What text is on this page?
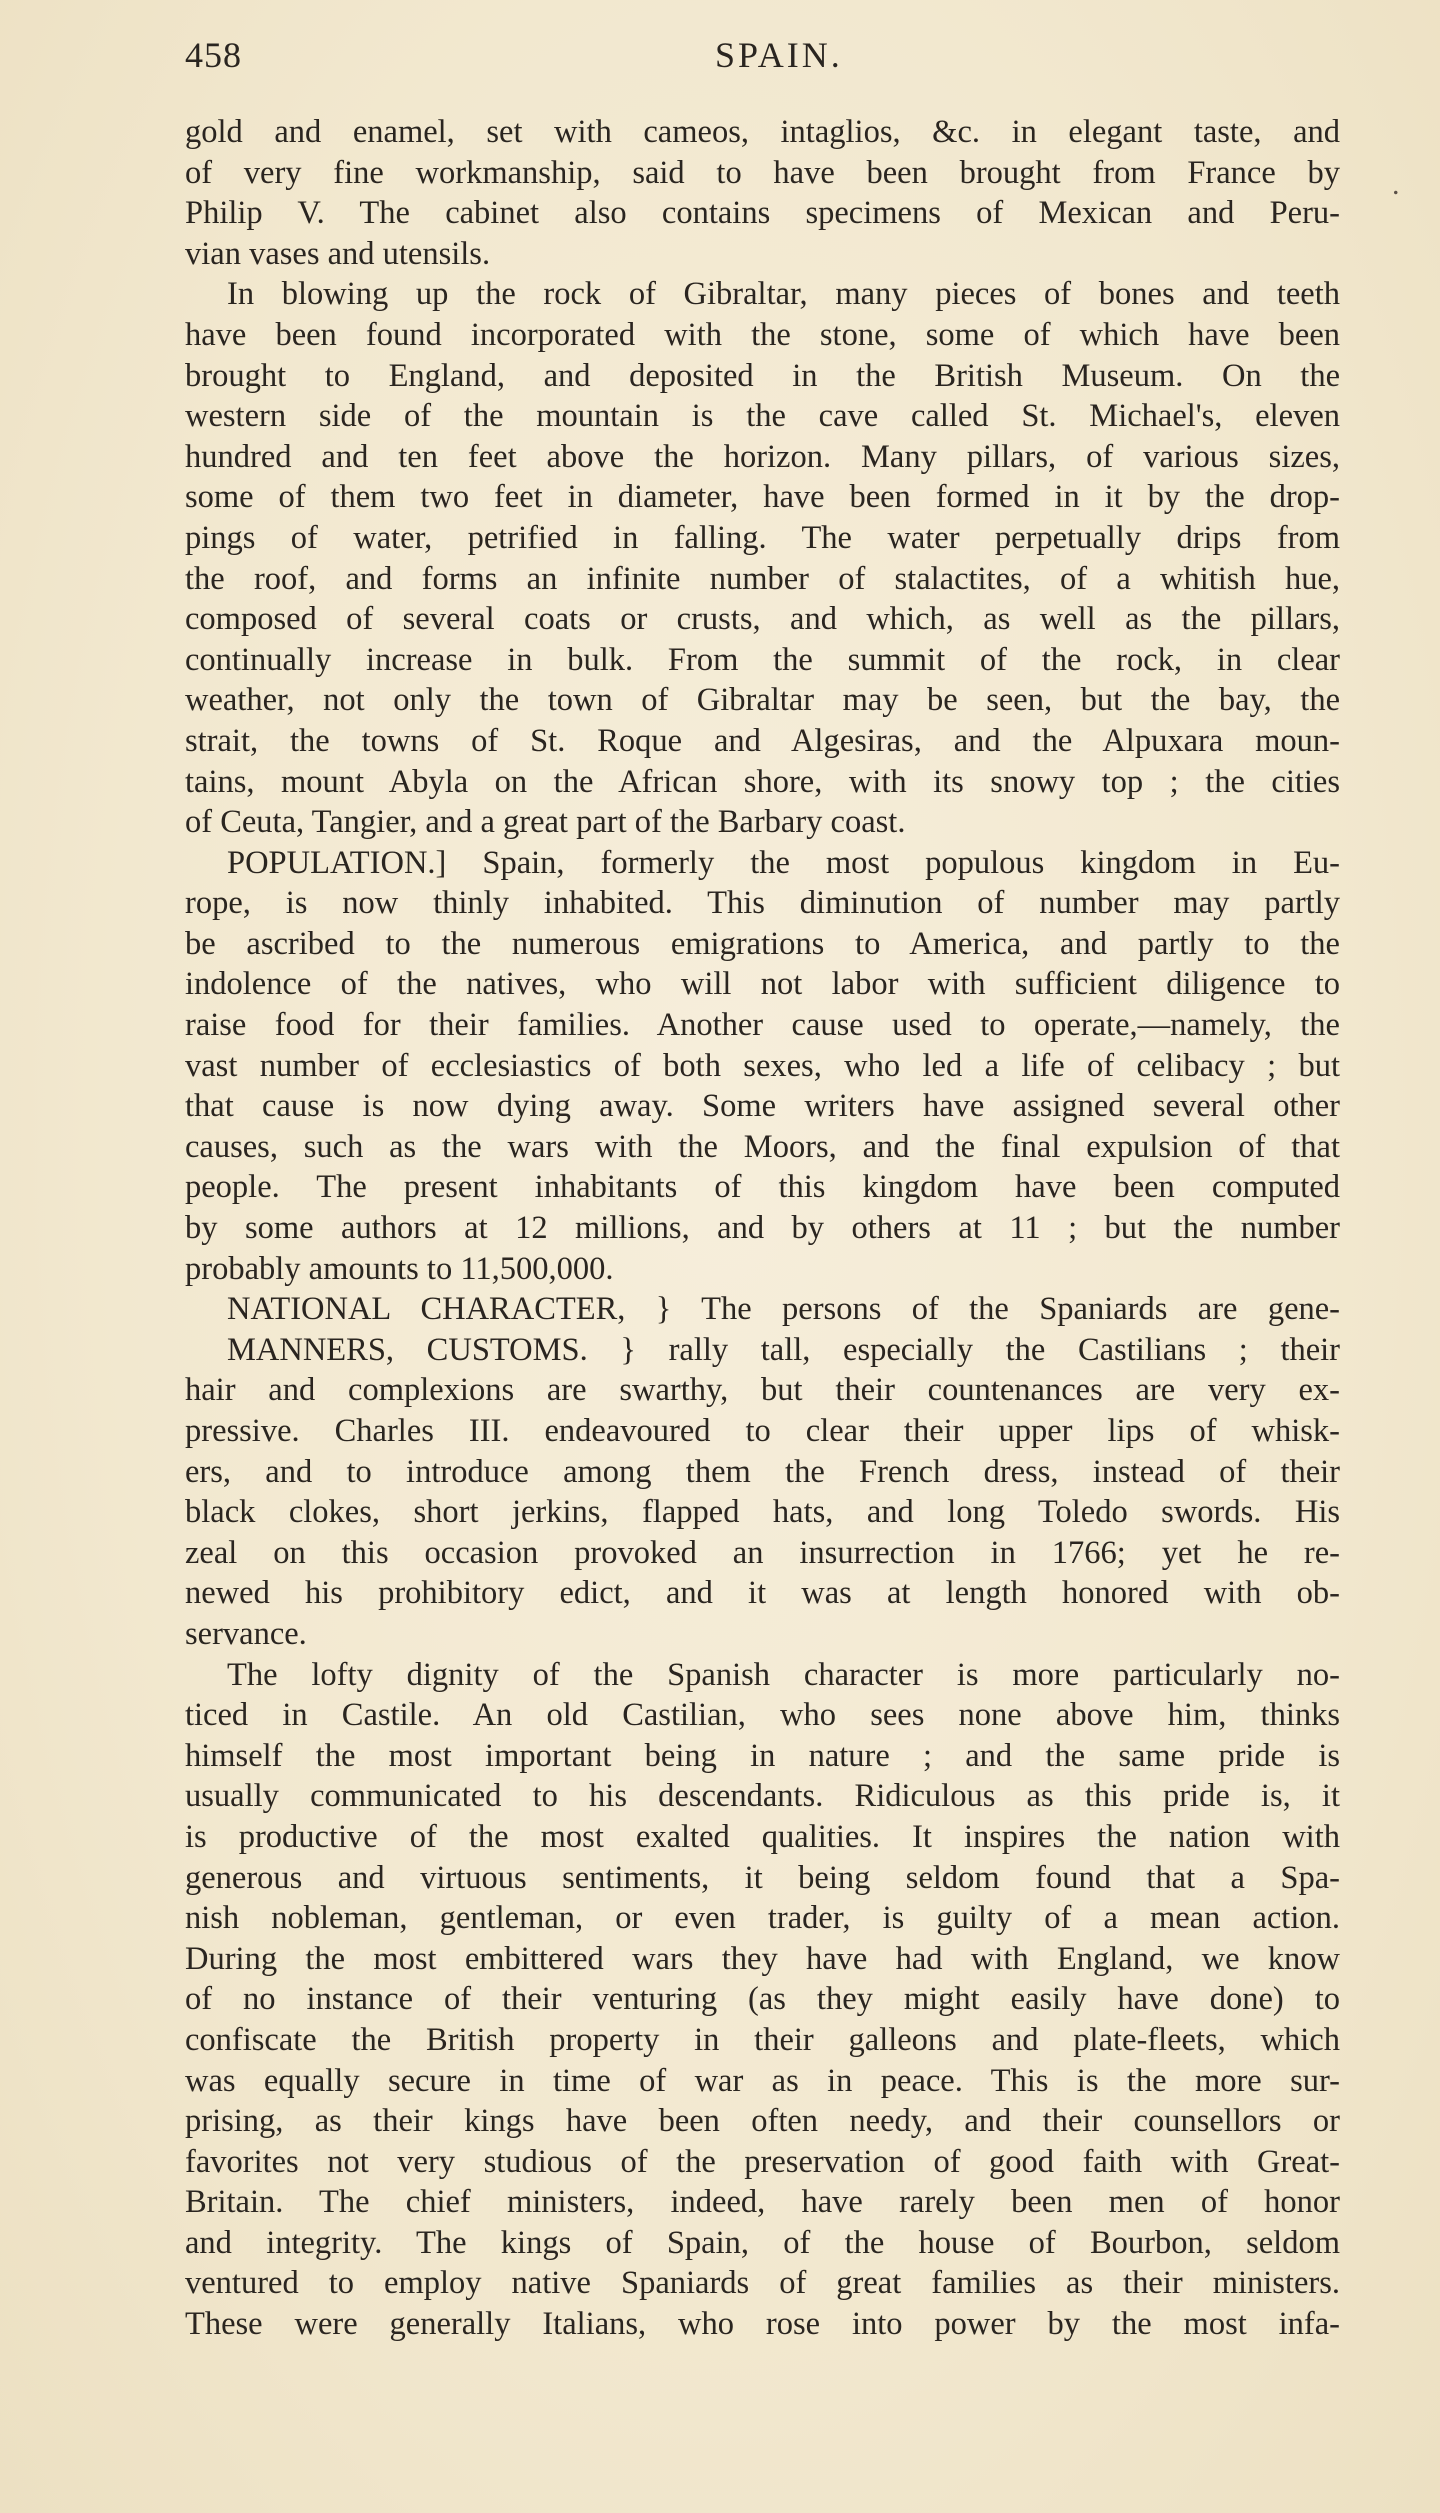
458	SPAIN.
.
gold and enamel, set with cameos, intaglios, &c. in elegant taste, and
of very fine workmanship, said to have been brought from France by
Philip V. The cabinet also contains specimens of Mexican and Peru-
vian vases and utensils.
In blowing up the rock of Gibraltar, many pieces of bones and teeth
have been found incorporated with the stone, some of which have been
brought to England, and deposited in the British Museum. On the
western side of the mountain is the cave called St. Michael's, eleven
hundred and ten feet above the horizon. Many pillars, of various sizes,
some of them two feet in diameter, have been formed in it by the drop-
pings of water, petrified in falling. The water perpetually drips from
the roof, and forms an infinite number of stalactites, of a whitish hue,
composed of several coats or crusts, and which, as well as the pillars,
continually increase in bulk. From the summit of the rock, in clear
weather, not only the town of Gibraltar may be seen, but the bay, the
strait, the towns of St. Roque and Algesiras, and the Alpuxara moun-
tains, mount Abyla on the African shore, with its snowy top ; the cities
of Ceuta, Tangier, and a great part of the Barbary coast.
POPULATION.] Spain, formerly the most populous kingdom in Eu-
rope, is now thinly inhabited. This diminution of number may partly
be ascribed to the numerous emigrations to America, and partly to the
indolence of the natives, who will not labor with sufficient diligence to
raise food for their families. Another cause used to operate,—namely, the
vast number of ecclesiastics of both sexes, who led a life of celibacy ; but
that cause is now dying away. Some writers have assigned several other
causes, such as the wars with the Moors, and the final expulsion of that
people. The present inhabitants of this kingdom have been computed
by some authors at 12 millions, and by others at 11 ; but the number
probably amounts to 11,500,000.
NATIONAL CHARACTER, } The persons of the Spaniards are gene-
MANNERS, CUSTOMS. } rally tall, especially the Castilians ; their
hair and complexions are swarthy, but their countenances are very ex-
pressive. Charles III. endeavoured to clear their upper lips of whisk-
ers, and to introduce among them the French dress, instead of their
black clokes, short jerkins, flapped hats, and long Toledo swords. His
zeal on this occasion provoked an insurrection in 1766; yet he re-
newed his prohibitory edict, and it was at length honored with ob-
servance.
The lofty dignity of the Spanish character is more particularly no-
ticed in Castile. An old Castilian, who sees none above him, thinks
himself the most important being in nature ; and the same pride is
usually communicated to his descendants. Ridiculous as this pride is, it
is productive of the most exalted qualities. It inspires the nation with
generous and virtuous sentiments, it being seldom found that a Spa-
nish nobleman, gentleman, or even trader, is guilty of a mean action.
During the most embittered wars they have had with England, we know
of no instance of their venturing (as they might easily have done) to
confiscate the British property in their galleons and plate-fleets, which
was equally secure in time of war as in peace. This is the more sur-
prising, as their kings have been often needy, and their counsellors or
favorites not very studious of the preservation of good faith with Great-
Britain. The chief ministers, indeed, have rarely been men of honor
and integrity. The kings of Spain, of the house of Bourbon, seldom
ventured to employ native Spaniards of great families as their ministers.
These were generally Italians, who rose into power by the most infa-
